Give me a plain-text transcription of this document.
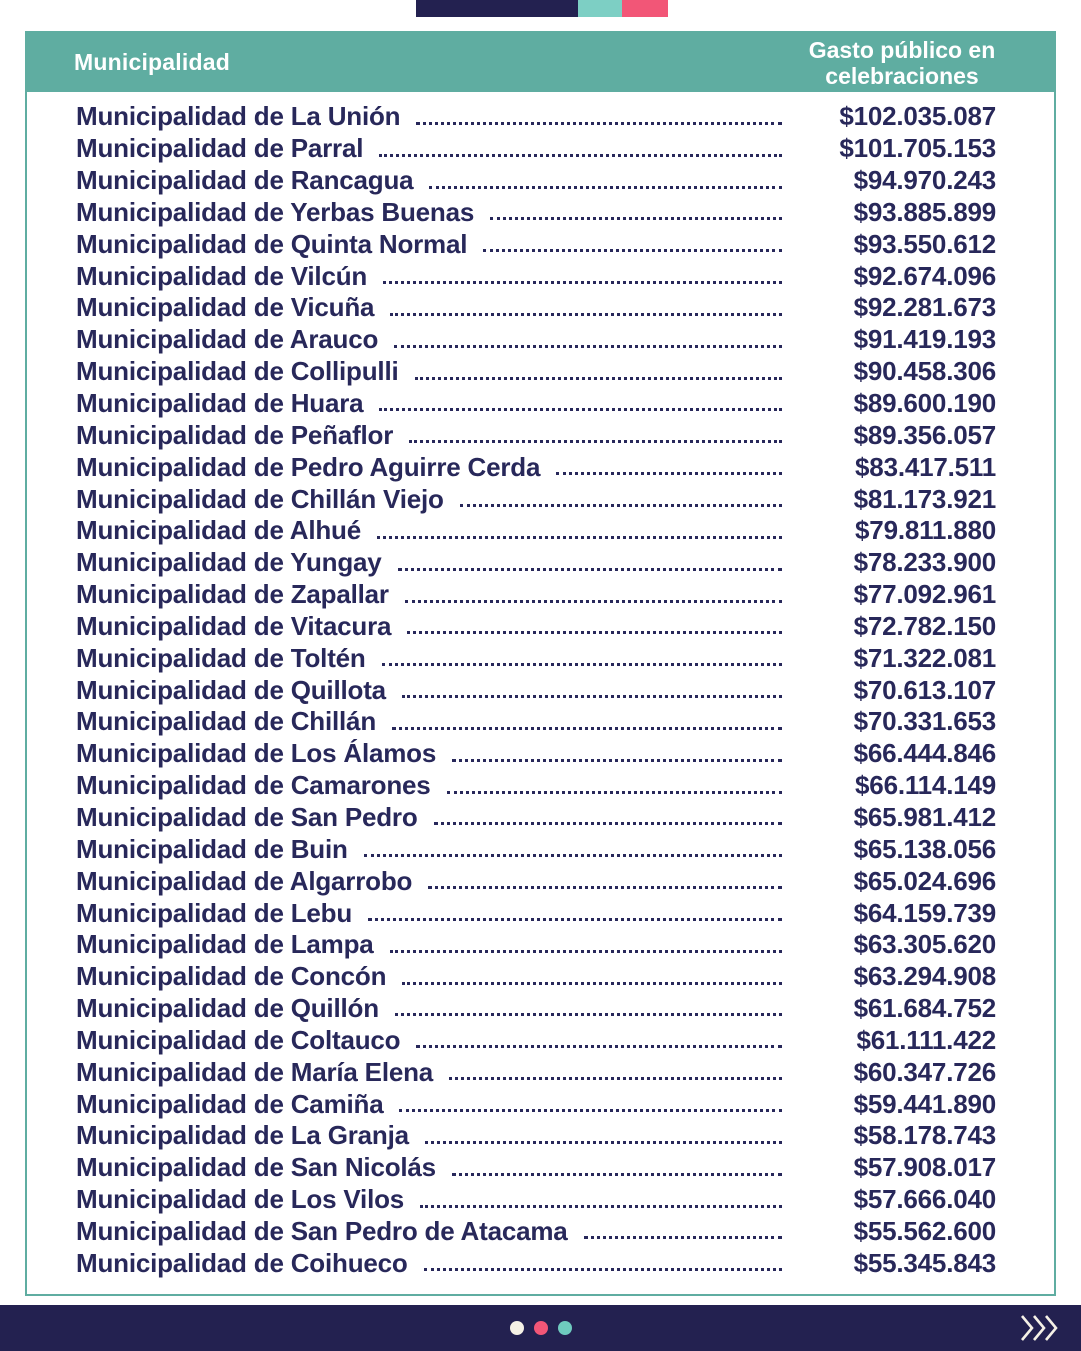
Municipalidad	Gasto público en celebraciones
Municipalidad de La Unión	$102.035.087
Municipalidad de Parral	$101.705.153
Municipalidad de Rancagua	$94.970.243
Municipalidad de Yerbas Buenas	$93.885.899
Municipalidad de Quinta Normal	$93.550.612
Municipalidad de Vilcún	$92.674.096
Municipalidad de Vicuña	$92.281.673
Municipalidad de Arauco	$91.419.193
Municipalidad de Collipulli	$90.458.306
Municipalidad de Huara	$89.600.190
Municipalidad de Peñaflor	$89.356.057
Municipalidad de Pedro Aguirre Cerda	$83.417.511
Municipalidad de Chillán Viejo	$81.173.921
Municipalidad de Alhué	$79.811.880
Municipalidad de Yungay	$78.233.900
Municipalidad de Zapallar	$77.092.961
Municipalidad de Vitacura	$72.782.150
Municipalidad de Toltén	$71.322.081
Municipalidad de Quillota	$70.613.107
Municipalidad de Chillán	$70.331.653
Municipalidad de Los Álamos	$66.444.846
Municipalidad de Camarones	$66.114.149
Municipalidad de San Pedro	$65.981.412
Municipalidad de Buin	$65.138.056
Municipalidad de Algarrobo	$65.024.696
Municipalidad de Lebu	$64.159.739
Municipalidad de Lampa	$63.305.620
Municipalidad de Concón	$63.294.908
Municipalidad de Quillón	$61.684.752
Municipalidad de Coltauco	$61.111.422
Municipalidad de María Elena	$60.347.726
Municipalidad de Camiña	$59.441.890
Municipalidad de La Granja	$58.178.743
Municipalidad de San Nicolás	$57.908.017
Municipalidad de Los Vilos	$57.666.040
Municipalidad de San Pedro de Atacama	$55.562.600
Municipalidad de Coihueco	$55.345.843
